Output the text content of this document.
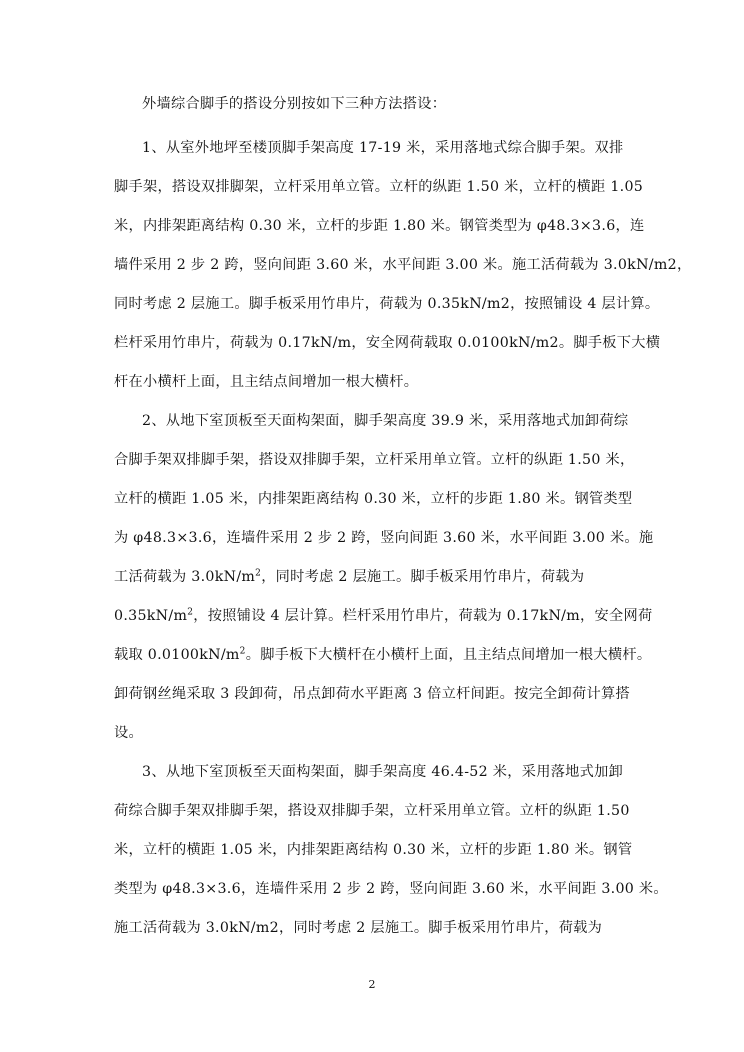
外墙综合脚手的搭设分别按如下三种方法搭设：
1、从室外地坪至楼顶脚手架高度 17-19 米，采用落地式综合脚手架。双排
脚手架，搭设双排脚架，立杆采用单立管。立杆的纵距 1.50 米，立杆的横距 1.05
米，内排架距离结构 0.30 米，立杆的步距 1.80 米。钢管类型为 φ48.3×3.6，连
墙件采用 2 步 2 跨，竖向间距 3.60 米，水平间距 3.00 米。施工活荷载为 3.0kN/m2，
同时考虑 2 层施工。脚手板采用竹串片，荷载为 0.35kN/m2，按照铺设 4 层计算。
栏杆采用竹串片，荷载为 0.17kN/m，安全网荷载取 0.0100kN/m2。脚手板下大横
杆在小横杆上面，且主结点间增加一根大横杆。
2、从地下室顶板至天面构架面，脚手架高度 39.9 米，采用落地式加卸荷综
合脚手架双排脚手架，搭设双排脚手架，立杆采用单立管。立杆的纵距 1.50 米，
立杆的横距 1.05 米，内排架距离结构 0.30 米，立杆的步距 1.80 米。钢管类型
为 φ48.3×3.6，连墙件采用 2 步 2 跨，竖向间距 3.60 米，水平间距 3.00 米。施
工活荷载为 $3.0kN/m^2$，同时考虑 2 层施工。脚手板采用竹串片，荷载为
$0.35kN/m^2$，按照铺设 4 层计算。栏杆采用竹串片，荷载为 0.17kN/m，安全网荷
载取 $0.0100kN/m^2$。脚手板下大横杆在小横杆上面，且主结点间增加一根大横杆。
卸荷钢丝绳采取 3 段卸荷，吊点卸荷水平距离 3 倍立杆间距。按完全卸荷计算搭
设。
3、从地下室顶板至天面构架面，脚手架高度 46.4-52 米，采用落地式加卸
荷综合脚手架双排脚手架，搭设双排脚手架，立杆采用单立管。立杆的纵距 1.50
米，立杆的横距 1.05 米，内排架距离结构 0.30 米，立杆的步距 1.80 米。钢管
类型为 φ48.3×3.6，连墙件采用 2 步 2 跨，竖向间距 3.60 米，水平间距 3.00 米。
施工活荷载为 3.0kN/m2，同时考虑 2 层施工。脚手板采用竹串片，荷载为
2
